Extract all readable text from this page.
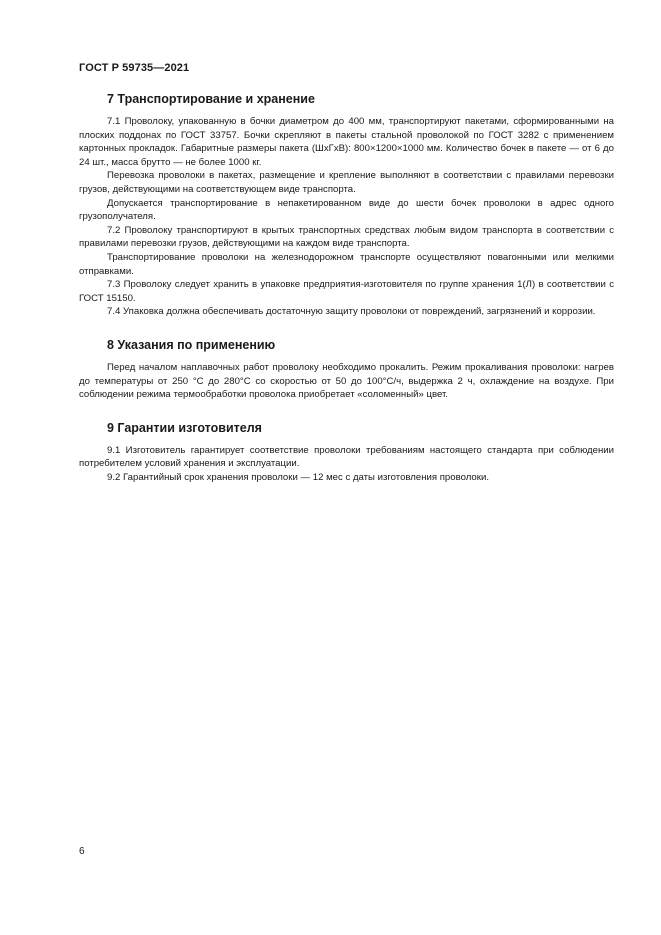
ГОСТ Р 59735—2021
7 Транспортирование и хранение

7.1 Проволоку, упакованную в бочки диаметром до 400 мм, транспортируют пакетами, сформированными на плоских поддонах по ГОСТ 33757. Бочки скрепляют в пакеты стальной проволокой по ГОСТ 3282 с применением картонных прокладок. Габаритные размеры пакета (ШхГхВ): 800×1200×1000 мм. Количество бочек в пакете — от 6 до 24 шт., масса брутто — не более 1000 кг.

Перевозка проволоки в пакетах, размещение и крепление выполняют в соответствии с правилами перевозки грузов, действующими на соответствующем виде транспорта.

Допускается транспортирование в непакетированном виде до шести бочек проволоки в адрес одного грузополучателя.

7.2 Проволоку транспортируют в крытых транспортных средствах любым видом транспорта в соответствии с правилами перевозки грузов, действующими на каждом виде транспорта.

Транспортирование проволоки на железнодорожном транспорте осуществляют повагонными или мелкими отправками.

7.3 Проволоку следует хранить в упаковке предприятия-изготовителя по группе хранения 1(Л) в соответствии с ГОСТ 15150.

7.4 Упаковка должна обеспечивать достаточную защиту проволоки от повреждений, загрязнений и коррозии.

8 Указания по применению

Перед началом наплавочных работ проволоку необходимо прокалить. Режим прокаливания проволоки: нагрев до температуры от 250 °С до 280°С со скоростью от 50 до 100°С/ч, выдержка 2 ч, охлаждение на воздухе. При соблюдении режима термообработки проволока приобретает «соломенный» цвет.

9 Гарантии изготовителя

9.1 Изготовитель гарантирует соответствие проволоки требованиям настоящего стандарта при соблюдении потребителем условий хранения и эксплуатации.

9.2 Гарантийный срок хранения проволоки — 12 мес с даты изготовления проволоки.

6
